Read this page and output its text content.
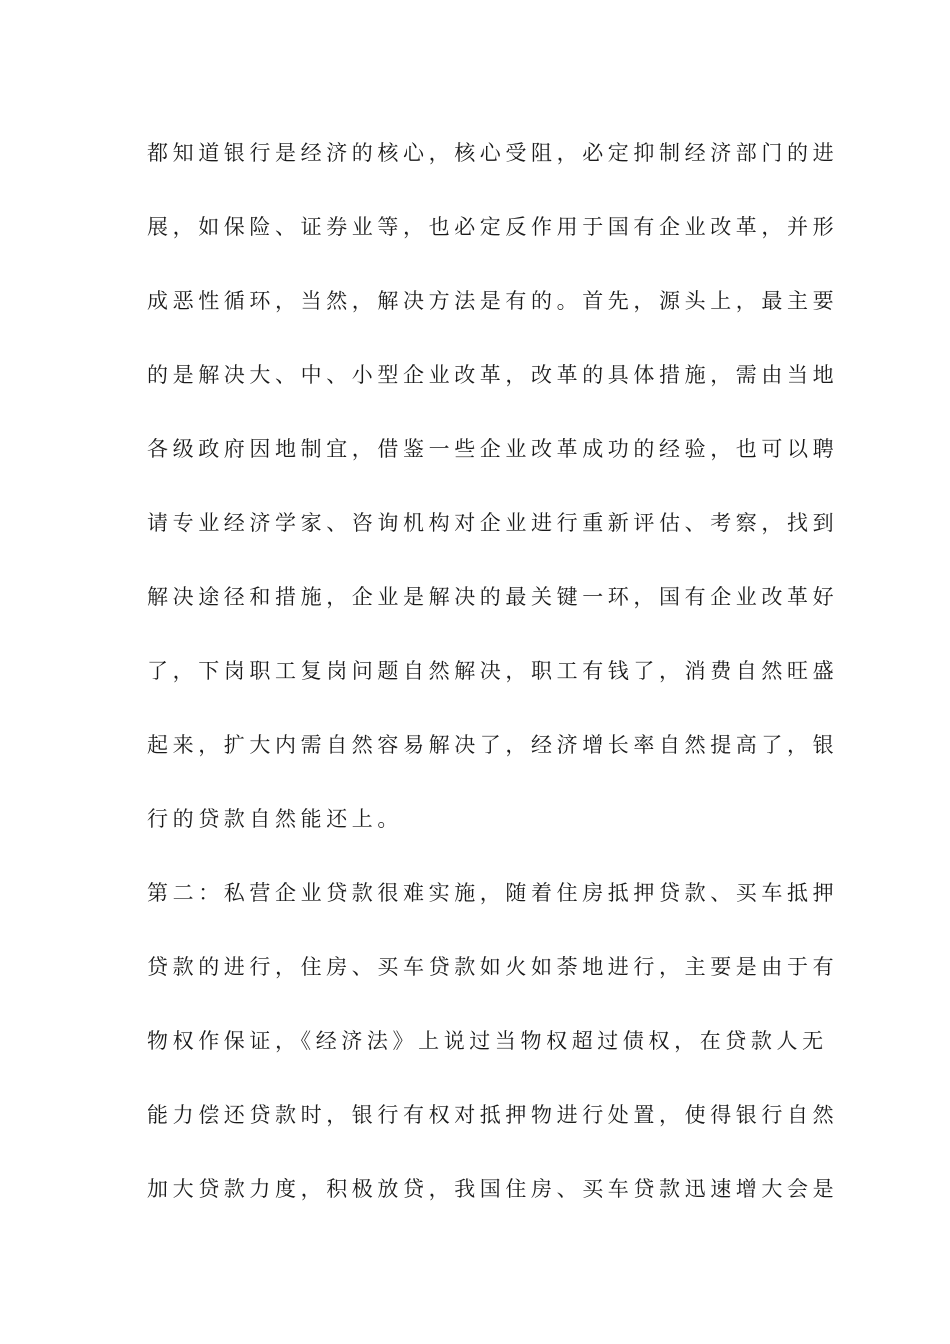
都知道银行是经济的核心，核心受阻，必定抑制经济部门的进
展，如保险、证券业等，也必定反作用于国有企业改革，并形
成恶性循环，当然，解决方法是有的。首先，源头上，最主要
的是解决大、中、小型企业改革，改革的具体措施，需由当地
各级政府因地制宜，借鉴一些企业改革成功的经验，也可以聘
请专业经济学家、咨询机构对企业进行重新评估、考察，找到
解决途径和措施，企业是解决的最关键一环，国有企业改革好
了，下岗职工复岗问题自然解决，职工有钱了，消费自然旺盛
起来，扩大内需自然容易解决了，经济增长率自然提高了，银
行的贷款自然能还上。
第二：私营企业贷款很难实施，随着住房抵押贷款、买车抵押
贷款的进行，住房、买车贷款如火如荼地进行，主要是由于有
物权作保证，《经济法》上说过当物权超过债权，在贷款人无
能力偿还贷款时，银行有权对抵押物进行处置，使得银行自然
加大贷款力度，积极放贷，我国住房、买车贷款迅速增大会是
